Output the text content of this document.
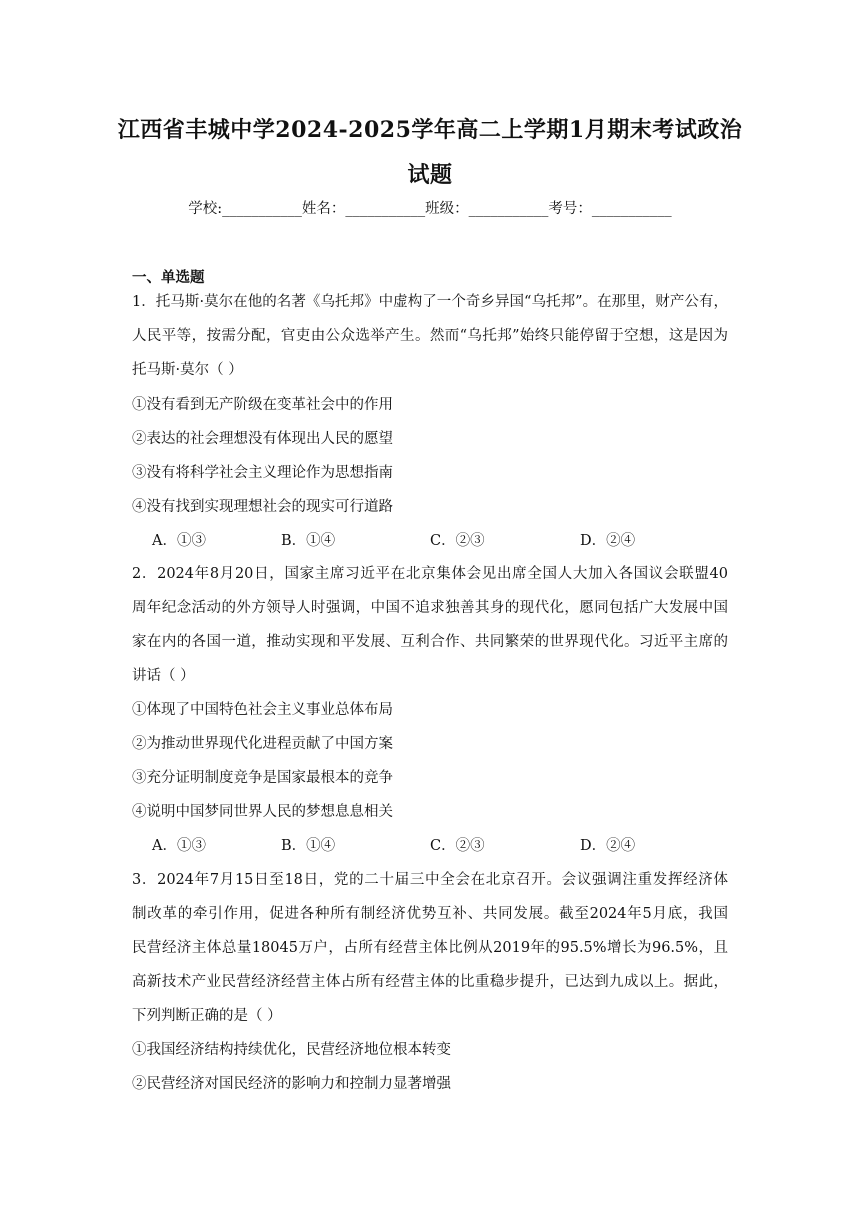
江西省丰城中学2024-2025学年高二上学期1月期末考试政治
试题
学校:___________姓名：___________班级：___________考号：___________
一、单选题
1．托马斯·莫尔在他的名著《乌托邦》中虚构了一个奇乡异国“乌托邦”。在那里，财产公有，
人民平等，按需分配，官吏由公众选举产生。然而“乌托邦”始终只能停留于空想，这是因为
托马斯·莫尔（ ）
①没有看到无产阶级在变革社会中的作用
②表达的社会理想没有体现出人民的愿望
③没有将科学社会主义理论作为思想指南
④没有找到实现理想社会的现实可行道路
A．①③	B．①④	C．②③	D．②④
2．2024年8月20日，国家主席习近平在北京集体会见出席全国人大加入各国议会联盟40
周年纪念活动的外方领导人时强调，中国不追求独善其身的现代化，愿同包括广大发展中国
家在内的各国一道，推动实现和平发展、互利合作、共同繁荣的世界现代化。习近平主席的
讲话（ ）
①体现了中国特色社会主义事业总体布局
②为推动世界现代化进程贡献了中国方案
③充分证明制度竞争是国家最根本的竞争
④说明中国梦同世界人民的梦想息息相关
A．①③	B．①④	C．②③	D．②④
3．2024年7月15日至18日，党的二十届三中全会在北京召开。会议强调注重发挥经济体
制改革的牵引作用，促进各种所有制经济优势互补、共同发展。截至2024年5月底，我国
民营经济主体总量18045万户，占所有经营主体比例从2019年的95.5%增长为96.5%，且
高新技术产业民营经济经营主体占所有经营主体的比重稳步提升，已达到九成以上。据此，
下列判断正确的是（ ）
①我国经济结构持续优化，民营经济地位根本转变
②民营经济对国民经济的影响力和控制力显著增强
